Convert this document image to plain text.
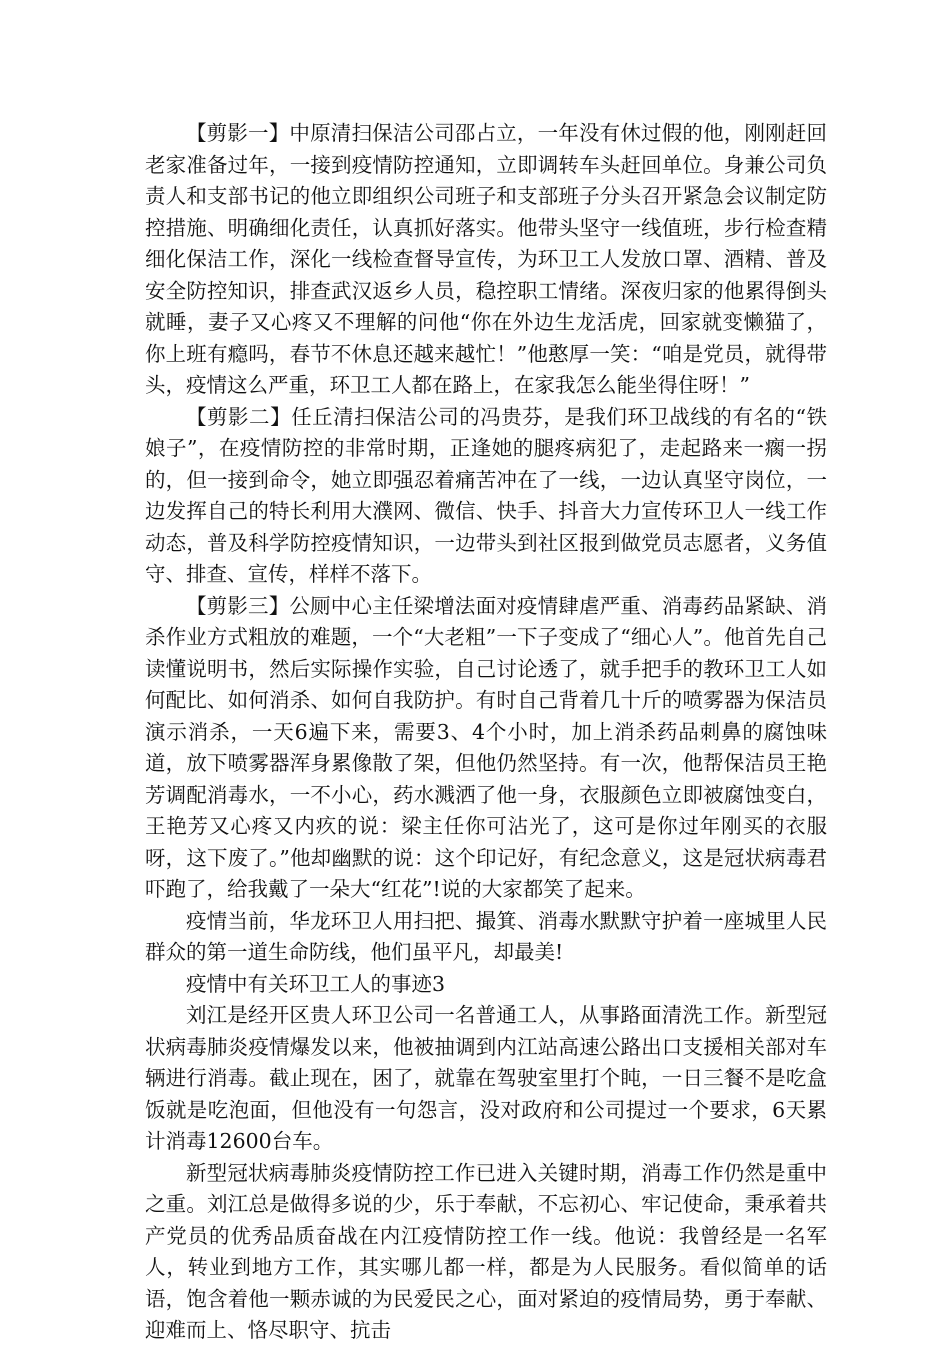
【剪影一】中原清扫保洁公司邵占立，一年没有休过假的他，刚刚赶回老家准备过年，一接到疫情防控通知，立即调转车头赶回单位。身兼公司负责人和支部书记的他立即组织公司班子和支部班子分头召开紧急会议制定防控措施、明确细化责任，认真抓好落实。他带头坚守一线值班，步行检查精细化保洁工作，深化一线检查督导宣传，为环卫工人发放口罩、酒精、普及安全防控知识，排查武汉返乡人员，稳控职工情绪。深夜归家的他累得倒头就睡，妻子又心疼又不理解的问他“你在外边生龙活虎，回家就变懒猫了，你上班有瘾吗，春节不休息还越来越忙！”他憨厚一笑：“咱是党员，就得带头，疫情这么严重，环卫工人都在路上，在家我怎么能坐得住呀！”

【剪影二】任丘清扫保洁公司的冯贵芬，是我们环卫战线的有名的“铁娘子”，在疫情防控的非常时期，正逢她的腿疼病犯了，走起路来一瘸一拐的，但一接到命令，她立即强忍着痛苦冲在了一线，一边认真坚守岗位，一边发挥自己的特长利用大濮网、微信、快手、抖音大力宣传环卫人一线工作动态，普及科学防控疫情知识，一边带头到社区报到做党员志愿者，义务值守、排查、宣传，样样不落下。

【剪影三】公厕中心主任梁增法面对疫情肆虐严重、消毒药品紧缺、消杀作业方式粗放的难题，一个“大老粗”一下子变成了“细心人”。他首先自己读懂说明书，然后实际操作实验，自己讨论透了，就手把手的教环卫工人如何配比、如何消杀、如何自我防护。有时自己背着几十斤的喷雾器为保洁员演示消杀，一天6遍下来，需要3、4个小时，加上消杀药品刺鼻的腐蚀味道，放下喷雾器浑身累像散了架，但他仍然坚持。有一次，他帮保洁员王艳芳调配消毒水，一不小心，药水溅洒了他一身，衣服颜色立即被腐蚀变白，王艳芳又心疼又内疚的说：梁主任你可沾光了，这可是你过年刚买的衣服呀，这下废了。”他却幽默的说：这个印记好，有纪念意义，这是冠状病毒君吓跑了，给我戴了一朵大“红花”!说的大家都笑了起来。

疫情当前，华龙环卫人用扫把、撮箕、消毒水默默守护着一座城里人民群众的第一道生命防线，他们虽平凡，却最美!

疫情中有关环卫工人的事迹3

刘江是经开区贵人环卫公司一名普通工人，从事路面清洗工作。新型冠状病毒肺炎疫情爆发以来，他被抽调到内江站高速公路出口支援相关部对车辆进行消毒。截止现在，困了，就靠在驾驶室里打个盹，一日三餐不是吃盒饭就是吃泡面，但他没有一句怨言，没对政府和公司提过一个要求，6天累计消毒12600台车。

新型冠状病毒肺炎疫情防控工作已进入关键时期，消毒工作仍然是重中之重。刘江总是做得多说的少，乐于奉献，不忘初心、牢记使命，秉承着共产党员的优秀品质奋战在内江疫情防控工作一线。他说：我曾经是一名军人，转业到地方工作，其实哪儿都一样，都是为人民服务。看似简单的话语，饱含着他一颗赤诚的为民爱民之心，面对紧迫的疫情局势，勇于奉献、迎难而上、恪尽职守、抗击
